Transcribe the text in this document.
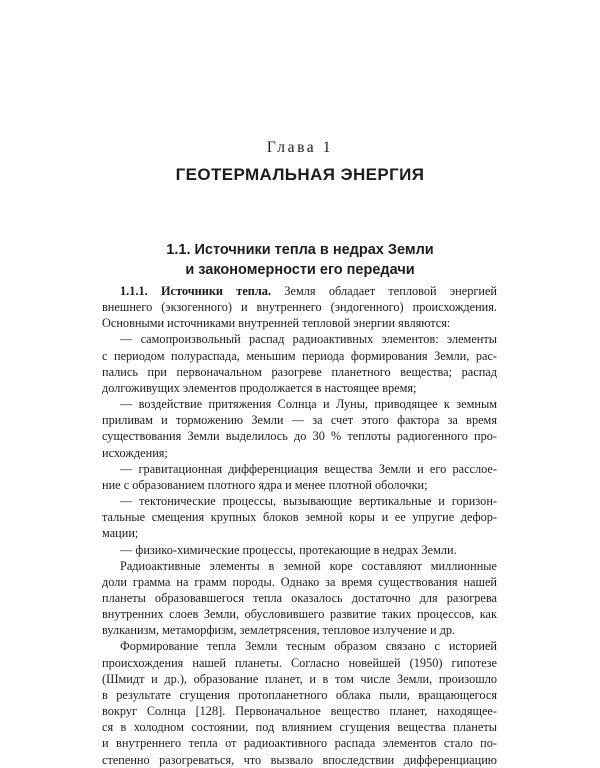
Глава 1
ГЕОТЕРМАЛЬНАЯ ЭНЕРГИЯ
1.1. Источники тепла в недрах Земли
и закономерности его передачи
1.1.1. Источники тепла. Земля обладает тепловой энергией
внешнего (экзогенного) и внутреннего (эндогенного) происхождения.
Основными источниками внутренней тепловой энергии являются:
— самопроизвольный распад радиоактивных элементов: элементы
с периодом полураспада, меньшим периода формирования Земли, рас-
пались при первоначальном разогреве планетного вещества; распад
долгоживущих элементов продолжается в настоящее время;
— воздействие притяжения Солнца и Луны, приводящее к земным
приливам и торможению Земли — за счет этого фактора за время
существования Земли выделилось до 30 % теплоты радиогенного про-
исхождения;
— гравитационная дифференциация вещества Земли и его расслое-
ние с образованием плотного ядра и менее плотной оболочки;
— тектонические процессы, вызывающие вертикальные и горизон-
тальные смещения крупных блоков земной коры и ее упругие дефор-
мации;
— физико-химические процессы, протекающие в недрах Земли.
Радиоактивные элементы в земной коре составляют миллионные
доли грамма на грамм породы. Однако за время существования нашей
планеты образовавшегося тепла оказалось достаточно для разогрева
внутренних слоев Земли, обусловившего развитие таких процессов, как
вулканизм, метаморфизм, землетрясения, тепловое излучение и др.
Формирование тепла Земли тесным образом связано с историей
происхождения нашей планеты. Согласно новейшей (1950) гипотезе
(Шмидт и др.), образование планет, и в том числе Земли, произошло
в результате сгущения протопланетного облака пыли, вращающегося
вокруг Солнца [128]. Первоначальное вещество планет, находящее-
ся в холодном состоянии, под влиянием сгущения вещества планеты
и внутреннего тепла от радиоактивного распада элементов стало по-
степенно разогреваться, что вызвало впоследствии дифференциацию
